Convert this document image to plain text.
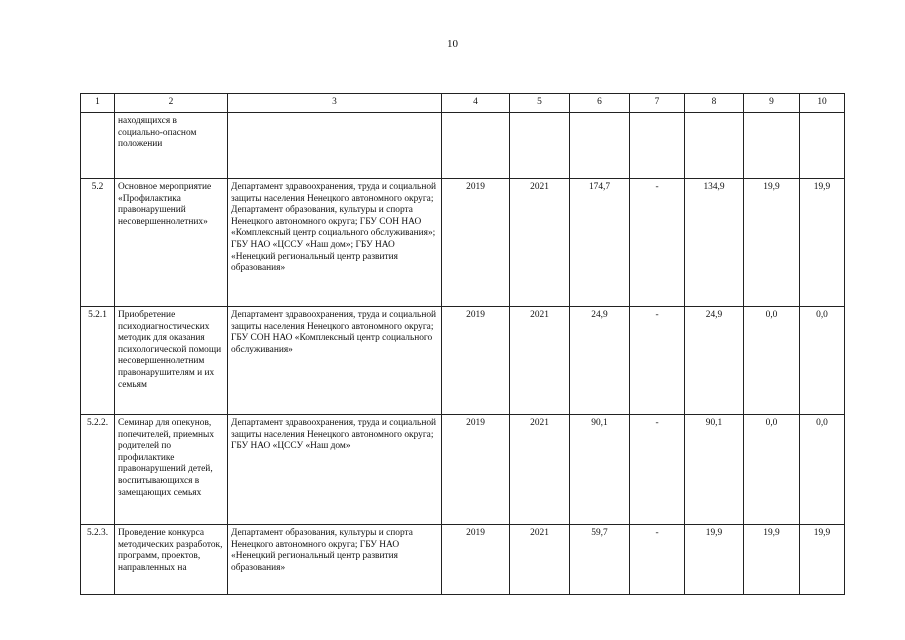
10
1	2	3	4	5	6	7	8	9	10
	находящихся в социально-опасном положении								
5.2	Основное мероприятие «Профилактика правонарушений несовершеннолетних»	Департамент здравоохранения, труда и социальной защиты населения Ненецкого автономного округа; Департамент образования, культуры и спорта Ненецкого автономного округа; ГБУ СОН НАО «Комплексный центр социального обслуживания»; ГБУ НАО «ЦССУ «Наш дом»; ГБУ НАО «Ненецкий региональный центр развития образования»	2019	2021	174,7	-	134,9	19,9	19,9
5.2.1	Приобретение психодиагностических методик для оказания психологической помощи несовершеннолетним правонарушителям и их семьям	Департамент здравоохранения, труда и социальной защиты населения Ненецкого автономного округа; ГБУ СОН НАО «Комплексный центр социального обслуживания»	2019	2021	24,9	-	24,9	0,0	0,0
5.2.2.	Семинар для опекунов, попечителей, приемных родителей по профилактике правонарушений детей, воспитывающихся в замещающих семьях	Департамент здравоохранения, труда и социальной защиты населения Ненецкого автономного округа; ГБУ НАО «ЦССУ «Наш дом»	2019	2021	90,1	-	90,1	0,0	0,0
5.2.3.	Проведение конкурса методических разработок, программ, проектов, направленных на	Департамент образования, культуры и спорта Ненецкого автономного округа; ГБУ НАО «Ненецкий региональный центр развития образования»	2019	2021	59,7	-	19,9	19,9	19,9
